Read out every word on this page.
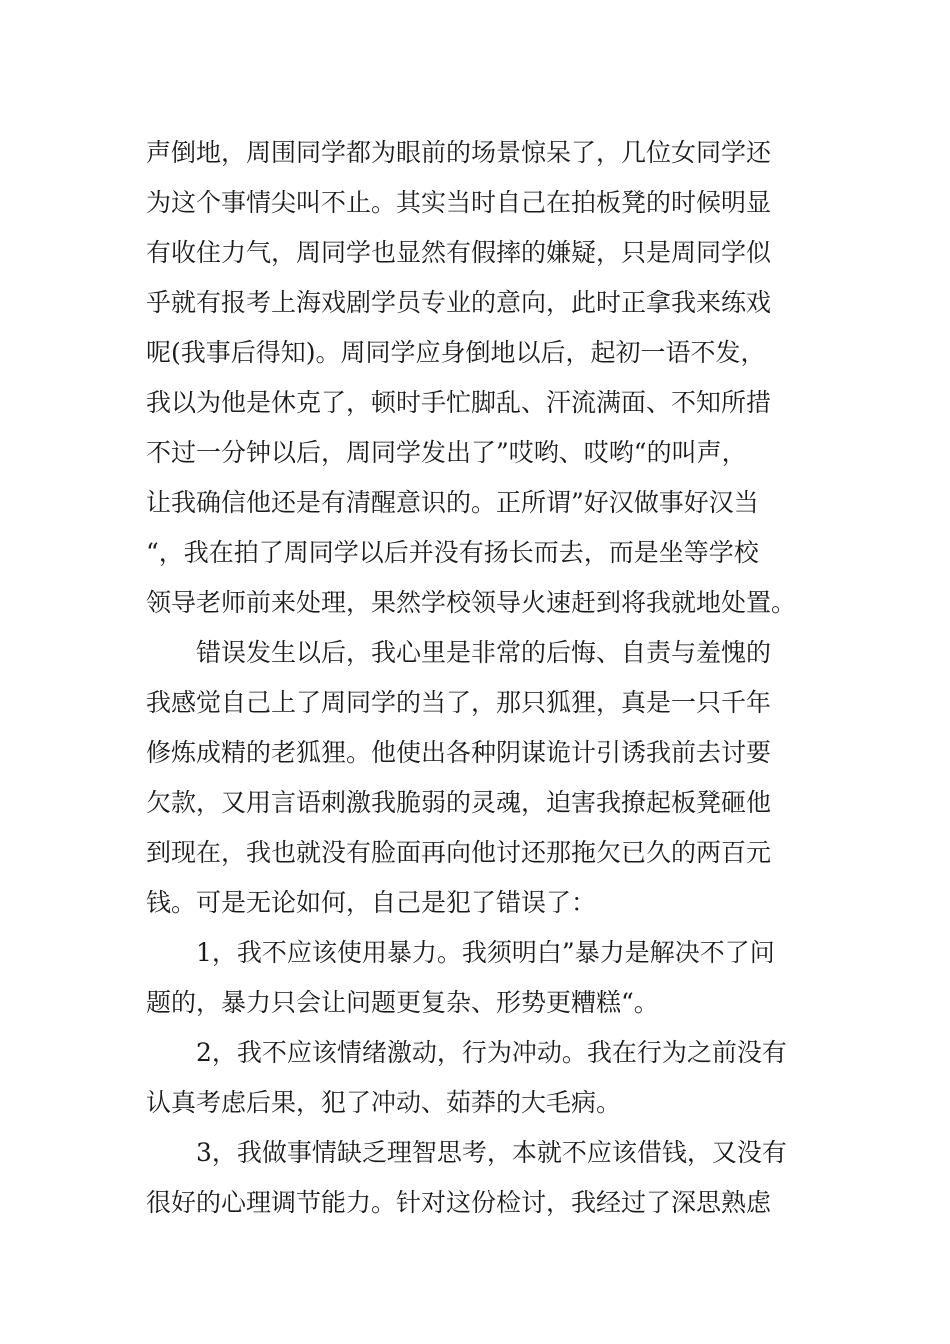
声倒地，周围同学都为眼前的场景惊呆了，几位女同学还
为这个事情尖叫不止。其实当时自己在拍板凳的时候明显
有收住力气，周同学也显然有假摔的嫌疑，只是周同学似
乎就有报考上海戏剧学员专业的意向，此时正拿我来练戏
呢(我事后得知)。周同学应身倒地以后，起初一语不发，
我以为他是休克了，顿时手忙脚乱、汗流满面、不知所措
不过一分钟以后，周同学发出了”哎哟、哎哟“的叫声，
让我确信他还是有清醒意识的。正所谓”好汉做事好汉当
“，我在拍了周同学以后并没有扬长而去，而是坐等学校
领导老师前来处理，果然学校领导火速赶到将我就地处置。
错误发生以后，我心里是非常的后悔、自责与羞愧的
我感觉自己上了周同学的当了，那只狐狸，真是一只千年
修炼成精的老狐狸。他使出各种阴谋诡计引诱我前去讨要
欠款，又用言语刺激我脆弱的灵魂，迫害我撩起板凳砸他
到现在，我也就没有脸面再向他讨还那拖欠已久的两百元
钱。可是无论如何，自己是犯了错误了：
1，我不应该使用暴力。我须明白”暴力是解决不了问
题的，暴力只会让问题更复杂、形势更糟糕“。
2，我不应该情绪激动，行为冲动。我在行为之前没有
认真考虑后果，犯了冲动、茹莽的大毛病。
3，我做事情缺乏理智思考，本就不应该借钱，又没有
很好的心理调节能力。针对这份检讨，我经过了深思熟虑
